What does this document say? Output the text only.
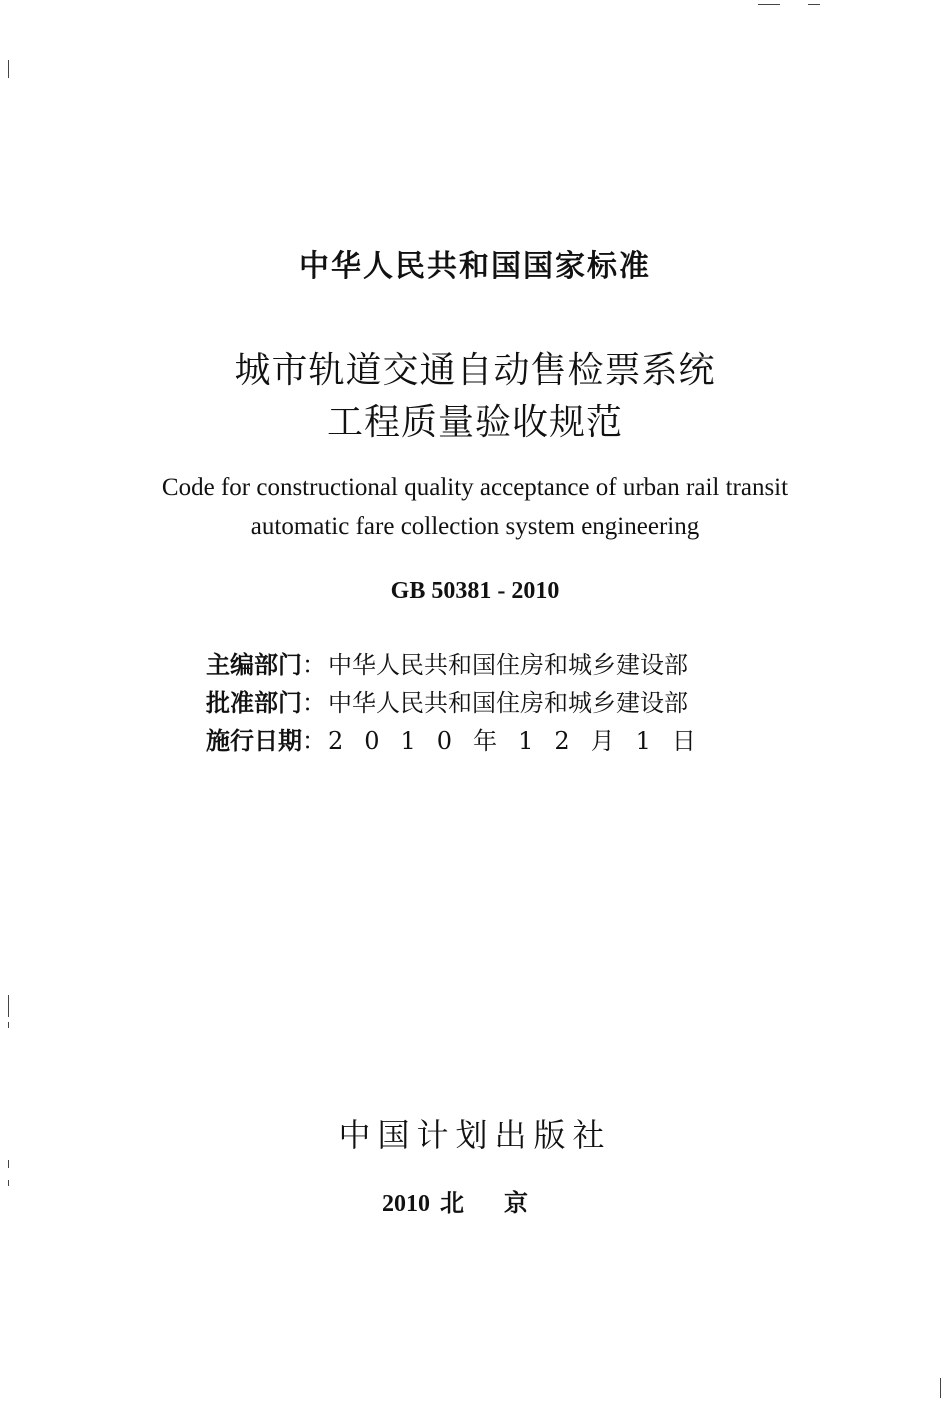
中华人民共和国国家标准
城市轨道交通自动售检票系统
工程质量验收规范
Code for constructional quality acceptance of urban rail transit
automatic fare collection system engineering
GB 50381 - 2010
主编部门 ： 中华人民共和国住房和城乡建设部
批准部门 ： 中华人民共和国住房和城乡建设部
施行日期 ： 2010年12月1日
中国计划出版社
2010 北京
